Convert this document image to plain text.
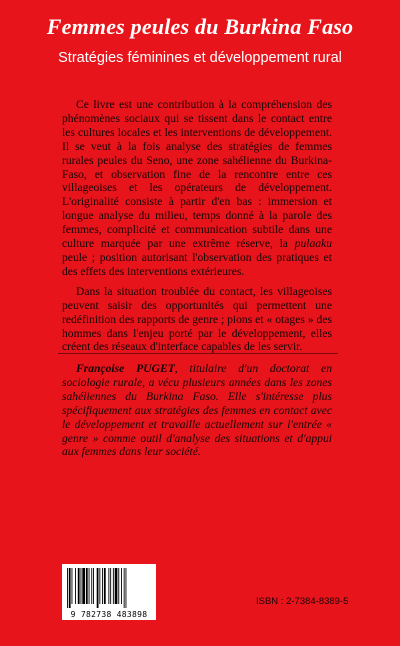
Femmes peules du Burkina Faso
Stratégies féminines et développement rural

Ce livre est une contribution à la compréhension des phénomènes sociaux qui se tissent dans le contact entre les cultures locales et les interventions de développement. Il se veut à la fois analyse des stratégies de femmes rurales peules du Seno, une zone sahélienne du Burkina-Faso, et observation fine de la rencontre entre ces villageoises et les opérateurs de développement. L'originalité consiste à partir d'en bas : immersion et longue analyse du milieu, temps donné à la parole des femmes, complicité et communication subtile dans une culture marquée par une extrême réserve, la pulaaku peule ; position autorisant l'observation des pratiques et des effets des interventions extérieures.

Dans la situation troublée du contact, les villageoises peuvent saisir des opportunités qui permettent une redéfinition des rapports de genre ; pions et « otages » des hommes dans l'enjeu porté par le développement, elles créent des réseaux d'interface capables de les servir.

Françoise PUGET, titulaire d'un doctorat en sociologie rurale, a vécu plusieurs années dans les zones sahéliennes du Burkina Faso. Elle s'intéresse plus spécifiquement aux stratégies des femmes en contact avec le développement et travaille actuellement sur l'entrée « genre » comme outil d'analyse des situations et d'appui aux femmes dans leur société.

9 782738 483898
ISBN : 2-7384-8389-5
